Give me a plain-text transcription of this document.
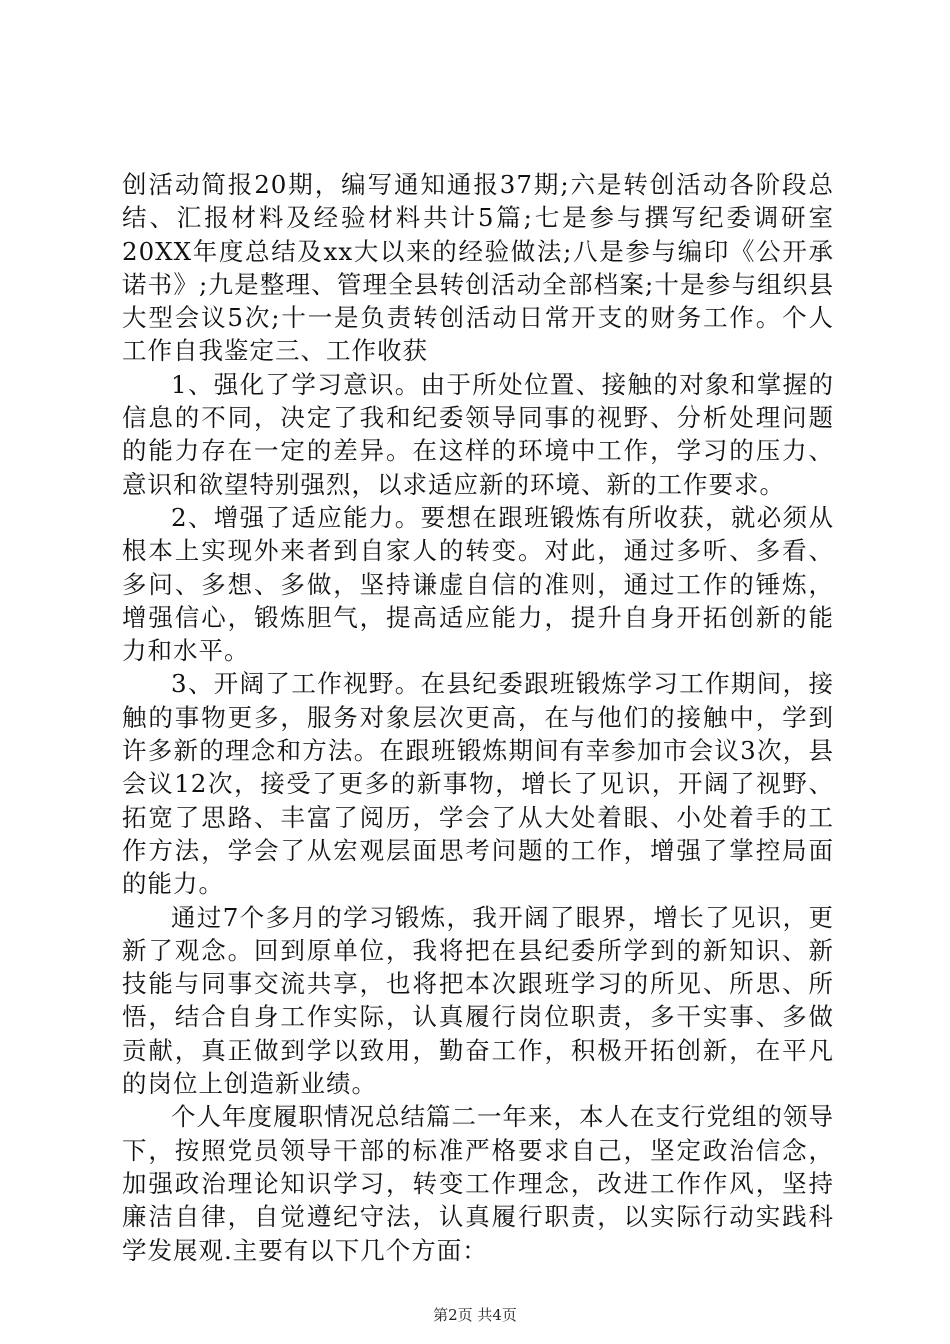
创活动简报20期，编写通知通报37期;六是转创活动各阶段总结、汇报材料及经验材料共计5篇;七是参与撰写纪委调研室20XX年度总结及xx大以来的经验做法;八是参与编印《公开承诺书》;九是整理、管理全县转创活动全部档案;十是参与组织县大型会议5次;十一是负责转创活动日常开支的财务工作。个人工作自我鉴定三、工作收获

1、强化了学习意识。由于所处位置、接触的对象和掌握的信息的不同，决定了我和纪委领导同事的视野、分析处理问题的能力存在一定的差异。在这样的环境中工作，学习的压力、意识和欲望特别强烈，以求适应新的环境、新的工作要求。

2、增强了适应能力。要想在跟班锻炼有所收获，就必须从根本上实现外来者到自家人的转变。对此，通过多听、多看、多问、多想、多做，坚持谦虚自信的准则，通过工作的锤炼，增强信心，锻炼胆气，提高适应能力，提升自身开拓创新的能力和水平。

3、开阔了工作视野。在县纪委跟班锻炼学习工作期间，接触的事物更多，服务对象层次更高，在与他们的接触中，学到许多新的理念和方法。在跟班锻炼期间有幸参加市会议3次，县会议12次，接受了更多的新事物，增长了见识，开阔了视野、拓宽了思路、丰富了阅历，学会了从大处着眼、小处着手的工作方法，学会了从宏观层面思考问题的工作，增强了掌控局面的能力。

通过7个多月的学习锻炼，我开阔了眼界，增长了见识，更新了观念。回到原单位，我将把在县纪委所学到的新知识、新技能与同事交流共享，也将把本次跟班学习的所见、所思、所悟，结合自身工作实际，认真履行岗位职责，多干实事、多做贡献，真正做到学以致用，勤奋工作，积极开拓创新，在平凡的岗位上创造新业绩。

个人年度履职情况总结篇二一年来，本人在支行党组的领导下，按照党员领导干部的标准严格要求自己，坚定政治信念，加强政治理论知识学习，转变工作理念，改进工作作风，坚持廉洁自律，自觉遵纪守法，认真履行职责，以实际行动实践科学发展观.主要有以下几个方面：

第2页 共4页
